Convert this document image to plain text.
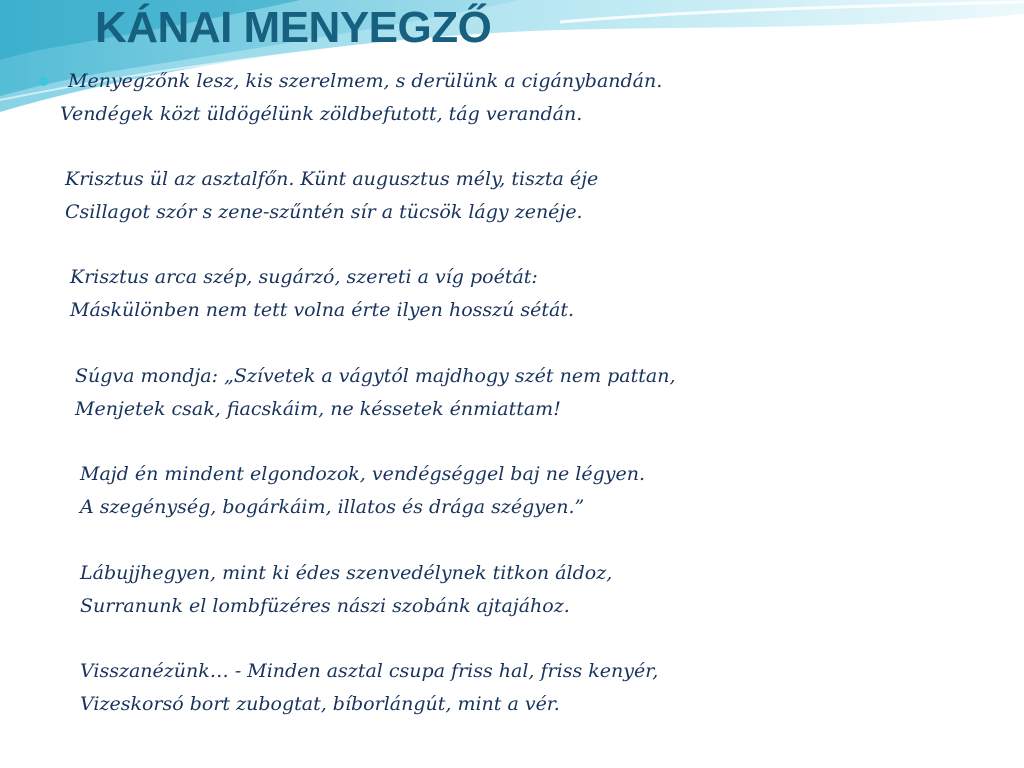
KÁNAI MENYEGZŐ

Menyegzőnk lesz, kis szerelmem, s derülünk a cigánybandán.

Vendégek közt üldögélünk zöldbefutott, tág verandán.

Krisztus ül az asztalfőn. Künt augusztus mély, tiszta éje

Csillagot szór s zene-szűntén sír a tücsök lágy zenéje.

Krisztus arca szép, sugárzó, szereti a víg poétát:

Máskülönben nem tett volna érte ilyen hosszú sétát.

Súgva mondja: „Szívetek a vágytól majdhogy szét nem pattan,

Menjetek csak, fiacskáim, ne késsetek énmiattam!

Majd én mindent elgondozok, vendégséggel baj ne légyen.

A szegénység, bogárkáim, illatos és drága szégyen.”

Lábujjhegyen, mint ki édes szenvedélynek titkon áldoz,

Surranunk el lombfüzéres nászi szobánk ajtajához.

Visszanézünk… - Minden asztal csupa friss hal, friss kenyér,

Vizeskorsó bort zubogtat, bíborlángút, mint a vér.
